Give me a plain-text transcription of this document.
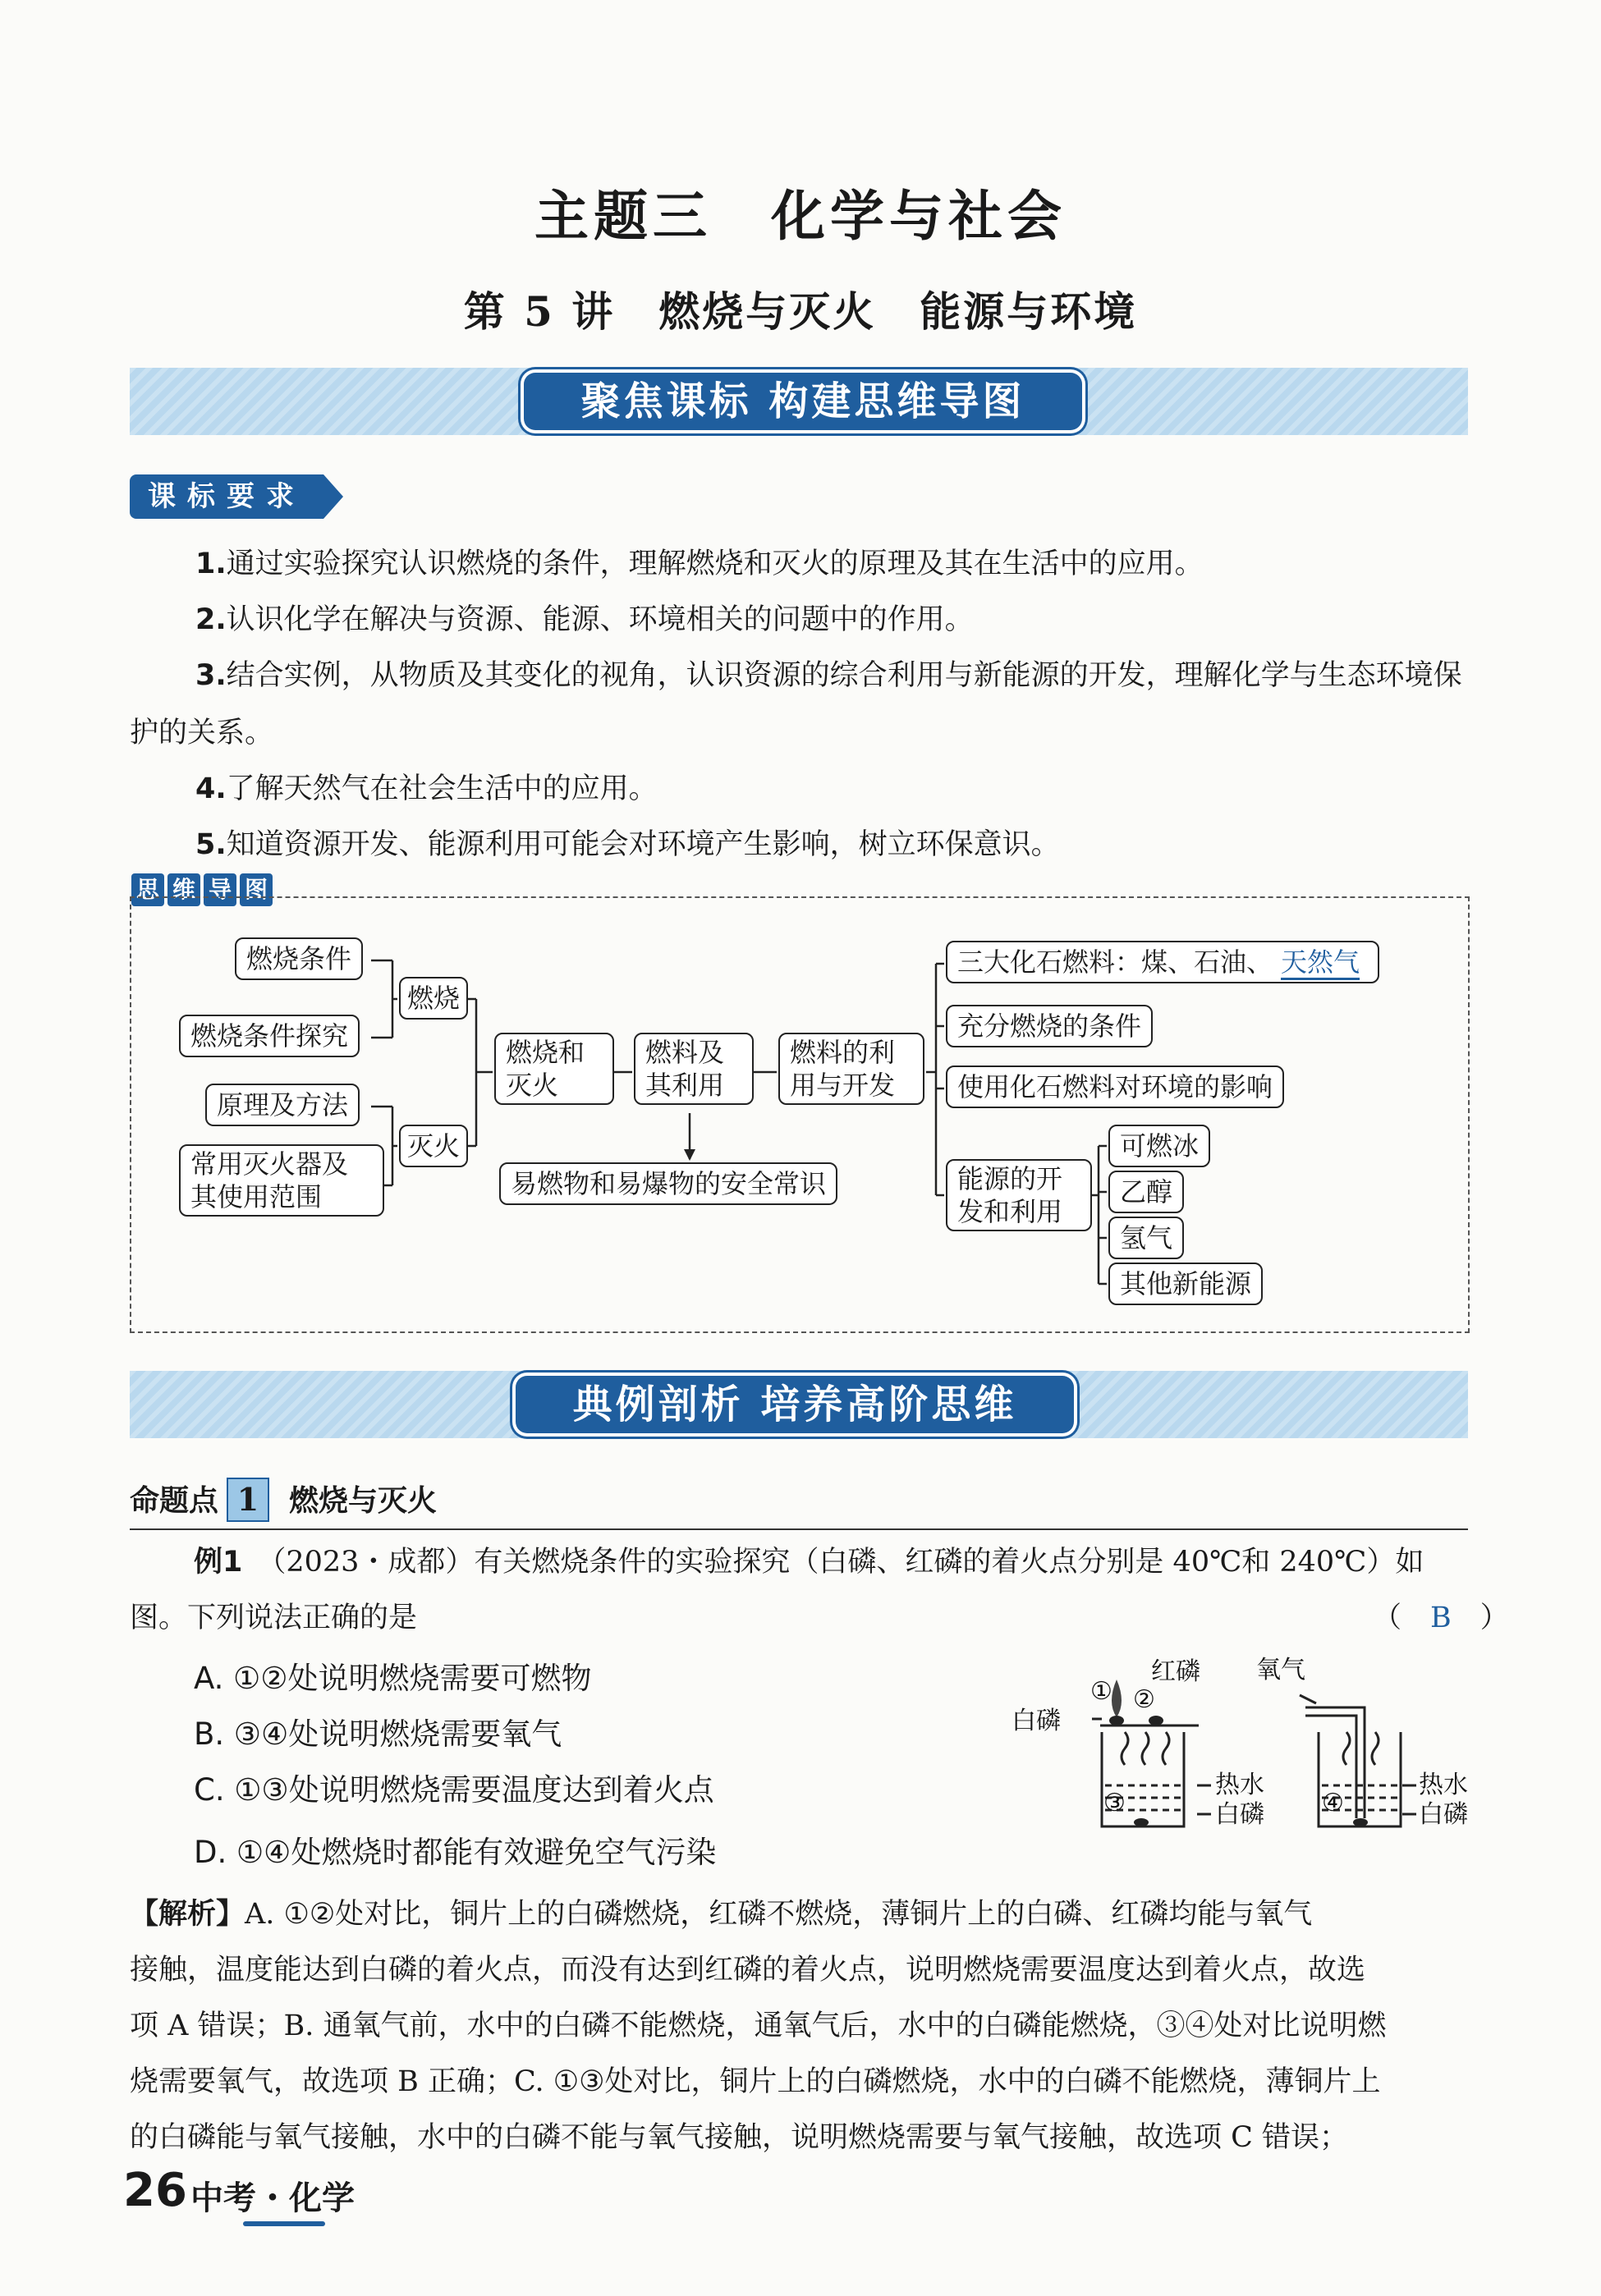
主题三　化学与社会
第 5 讲　燃烧与灭火　能源与环境
聚焦课标 构建思维导图
课标要求
1.通过实验探究认识燃烧的条件，理解燃烧和灭火的原理及其在生活中的应用。
2.认识化学在解决与资源、能源、环境相关的问题中的作用。
3.结合实例，从物质及其变化的视角，认识资源的综合利用与新能源的开发，理解化学与生态环境保护的关系。
4.了解天然气在社会生活中的应用。
5.知道资源开发、能源利用可能会对环境产生影响，树立环保意识。
思 维 导 图
燃烧条件
燃烧条件探究
原理及方法
常用灭火器及其使用范围
燃烧
灭火
燃烧和灭火
燃料及其利用
燃料的利用与开发
易燃物和易爆物的安全常识
三大化石燃料：煤、石油、 天然气
充分燃烧的条件
使用化石燃料对环境的影响
能源的开发和利用
可燃冰
乙醇
氢气
其他新能源
典例剖析 培养高阶思维
命题点 1 燃烧与灭火
例1 （2023・成都）有关燃烧条件的实验探究（白磷、红磷的着火点分别是 40℃和 240℃）如
图。下列说法正确的是	（　B　）
A. ①②处说明燃烧需要可燃物
B. ③④处说明燃烧需要氧气
C. ①③处说明燃烧需要温度达到着火点
D. ①④处燃烧时都能有效避免空气污染
白磷
红磷
① ②
③	④
氧气
热水
白磷
热水
白磷
【解析】A. ①②处对比，铜片上的白磷燃烧，红磷不燃烧，薄铜片上的白磷、红磷均能与氧气
接触，温度能达到白磷的着火点，而没有达到红磷的着火点，说明燃烧需要温度达到着火点，故选
项 A 错误；B. 通氧气前，水中的白磷不能燃烧，通氧气后，水中的白磷能燃烧，③④处对比说明燃
烧需要氧气，故选项 B 正确；C. ①③处对比，铜片上的白磷燃烧，水中的白磷不能燃烧，薄铜片上
的白磷能与氧气接触，水中的白磷不能与氧气接触，说明燃烧需要与氧气接触，故选项 C 错误；
26 中考・化学
